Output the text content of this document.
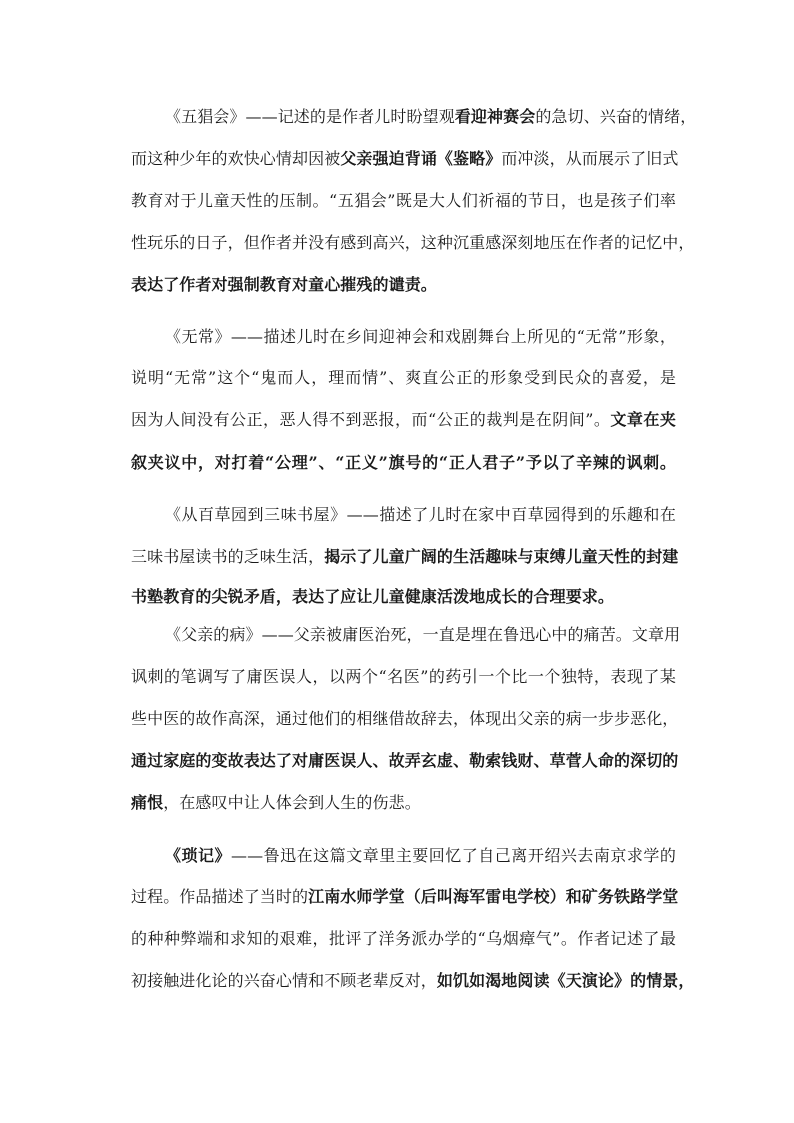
《五猖会》——记述的是作者儿时盼望观看迎神赛会的急切、兴奋的情绪，
而这种少年的欢快心情却因被父亲强迫背诵《鉴略》而冲淡，从而展示了旧式
教育对于儿童天性的压制。“五猖会”既是大人们祈福的节日，也是孩子们率
性玩乐的日子，但作者并没有感到高兴，这种沉重感深刻地压在作者的记忆中，
表达了作者对强制教育对童心摧残的谴责。
《无常》——描述儿时在乡间迎神会和戏剧舞台上所见的“无常”形象，
说明“无常”这个“鬼而人，理而情”、爽直公正的形象受到民众的喜爱，是
因为人间没有公正，恶人得不到恶报，而“公正的裁判是在阴间”。文章在夹
叙夹议中，对打着“公理”、“正义”旗号的“正人君子”予以了辛辣的讽刺。
《从百草园到三味书屋》——描述了儿时在家中百草园得到的乐趣和在
三味书屋读书的乏味生活，揭示了儿童广阔的生活趣味与束缚儿童天性的封建
书塾教育的尖锐矛盾，表达了应让儿童健康活泼地成长的合理要求。
《父亲的病》——父亲被庸医治死，一直是埋在鲁迅心中的痛苦。文章用
讽刺的笔调写了庸医误人，以两个“名医”的药引一个比一个独特，表现了某
些中医的故作高深，通过他们的相继借故辞去，体现出父亲的病一步步恶化，
通过家庭的变故表达了对庸医误人、故弄玄虚、勒索钱财、草菅人命的深切的
痛恨，在感叹中让人体会到人生的伤悲。
《琐记》——鲁迅在这篇文章里主要回忆了自己离开绍兴去南京求学的
过程。作品描述了当时的江南水师学堂（后叫海军雷电学校）和矿务铁路学堂
的种种弊端和求知的艰难，批评了洋务派办学的“乌烟瘴气”。作者记述了最
初接触进化论的兴奋心情和不顾老辈反对，如饥如渴地阅读《天演论》的情景，
